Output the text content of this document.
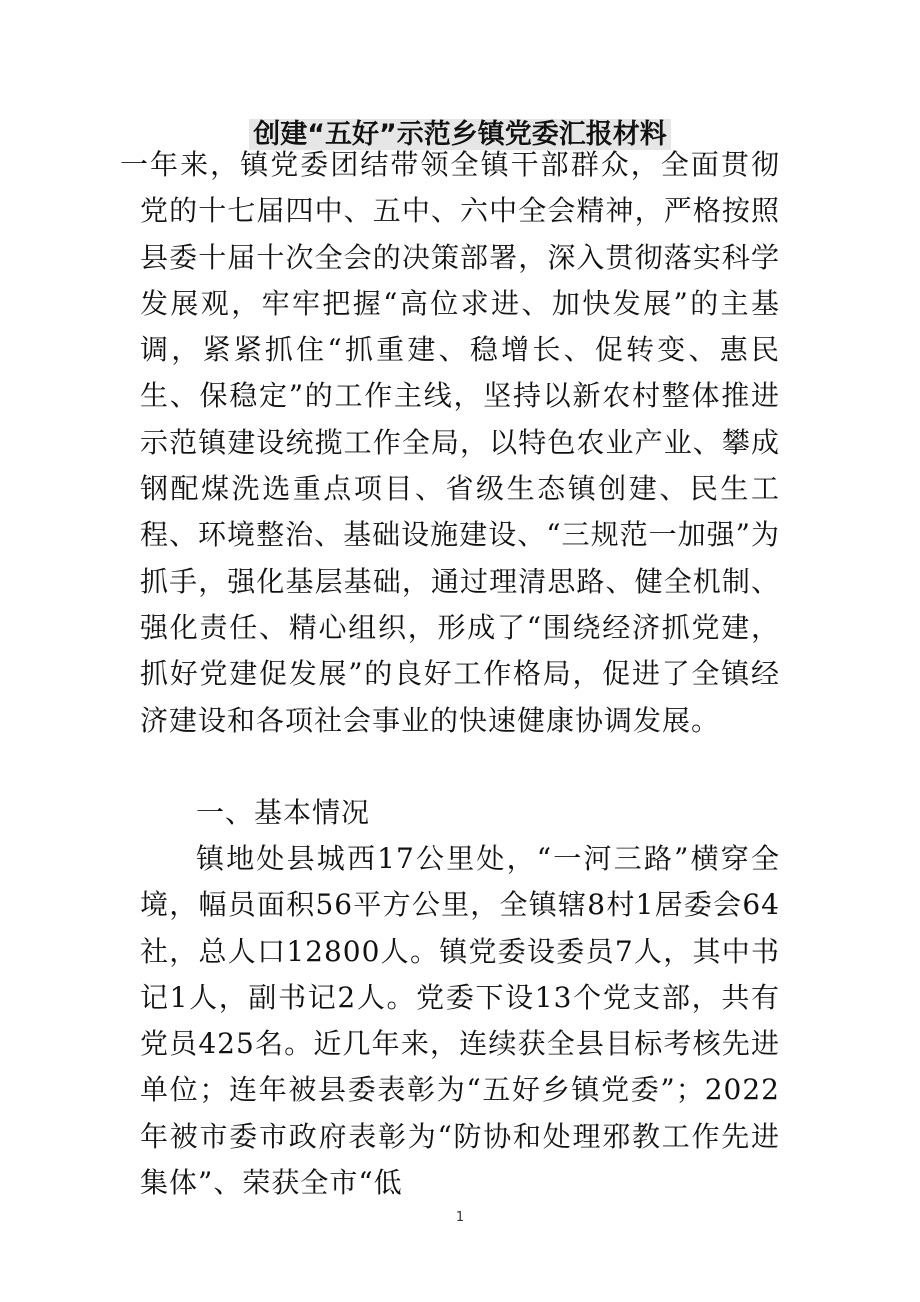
创建“五好”示范乡镇党委汇报材料

一年来，镇党委团结带领全镇干部群众，全面贯彻党的十七届四中、五中、六中全会精神，严格按照县委十届十次全会的决策部署，深入贯彻落实科学发展观，牢牢把握“高位求进、加快发展”的主基调，紧紧抓住“抓重建、稳增长、促转变、惠民生、保稳定”的工作主线，坚持以新农村整体推进示范镇建设统揽工作全局，以特色农业产业、攀成钢配煤洗选重点项目、省级生态镇创建、民生工程、环境整治、基础设施建设、“三规范一加强”为抓手，强化基层基础，通过理清思路、健全机制、强化责任、精心组织，形成了“围绕经济抓党建，抓好党建促发展”的良好工作格局，促进了全镇经济建设和各项社会事业的快速健康协调发展。

一、基本情况

镇地处县城西17公里处，“一河三路”横穿全境，幅员面积56平方公里，全镇辖8村1居委会64社，总人口12800人。镇党委设委员7人，其中书记1人，副书记2人。党委下设13个党支部，共有党员425名。近几年来，连续获全县目标考核先进单位；连年被县委表彰为“五好乡镇党委”；2022年被市委市政府表彰为“防协和处理邪教工作先进集体”、荣获全市“低

1
